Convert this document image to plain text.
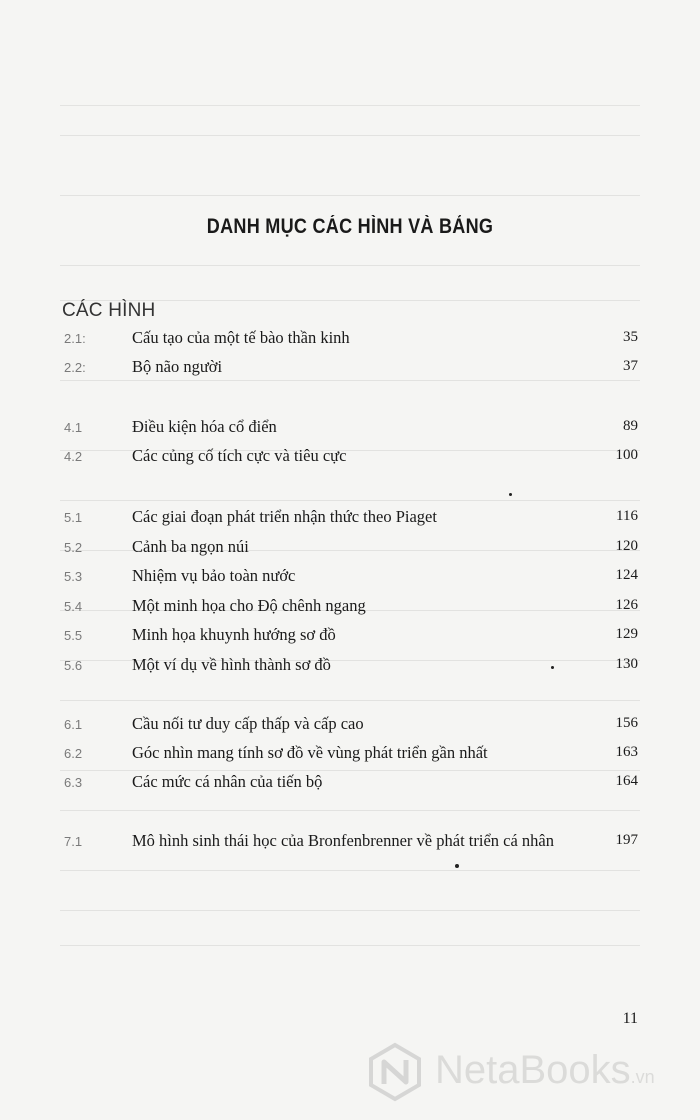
DANH MỤC CÁC HÌNH VÀ BẢNG
CÁC HÌNH
2.1:	Cấu tạo của một tế bào thần kinh	35
2.2:	Bộ não người	37
4.1	Điều kiện hóa cổ điển	89
4.2	Các củng cố tích cực và tiêu cực	100
5.1	Các giai đoạn phát triển nhận thức theo Piaget	116
5.2	Cảnh ba ngọn núi	120
5.3	Nhiệm vụ bảo toàn nước	124
5.4	Một minh họa cho Độ chênh ngang	126
5.5	Minh họa khuynh hướng sơ đồ	129
5.6	Một ví dụ về hình thành sơ đồ	130
6.1	Cầu nối tư duy cấp thấp và cấp cao	156
6.2	Góc nhìn mang tính sơ đồ về vùng phát triển gần nhất	163
6.3	Các mức cá nhân của tiến bộ	164
7.1	Mô hình sinh thái học của Bronfenbrenner về phát triển cá nhân	197
11
NetaBooks.vn
